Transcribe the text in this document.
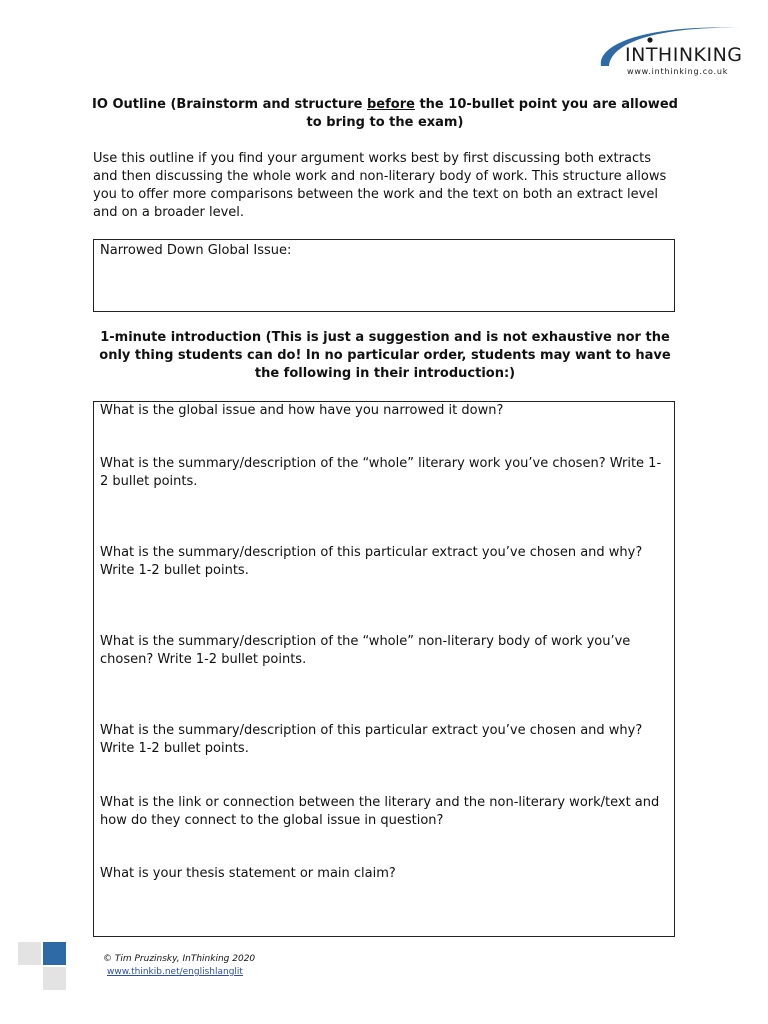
INTHINKING
www.inthinking.co.uk
IO Outline (Brainstorm and structure before the 10-bullet point you are allowed to bring to the exam)
Use this outline if you find your argument works best by first discussing both extracts and then discussing the whole work and non-literary body of work. This structure allows you to offer more comparisons between the work and the text on both an extract level and on a broader level.
Narrowed Down Global Issue:
1-minute introduction (This is just a suggestion and is not exhaustive nor the only thing students can do! In no particular order, students may want to have the following in their introduction:)
What is the global issue and how have you narrowed it down?
What is the summary/description of the “whole” literary work you’ve chosen? Write 1-2 bullet points.
What is the summary/description of this particular extract you’ve chosen and why? Write 1-2 bullet points.
What is the summary/description of the “whole” non-literary body of work you’ve chosen? Write 1-2 bullet points.
What is the summary/description of this particular extract you’ve chosen and why? Write 1-2 bullet points.
What is the link or connection between the literary and the non-literary work/text and how do they connect to the global issue in question?
What is your thesis statement or main claim?
© Tim Pruzinsky, InThinking 2020
www.thinkib.net/englishlanglit
